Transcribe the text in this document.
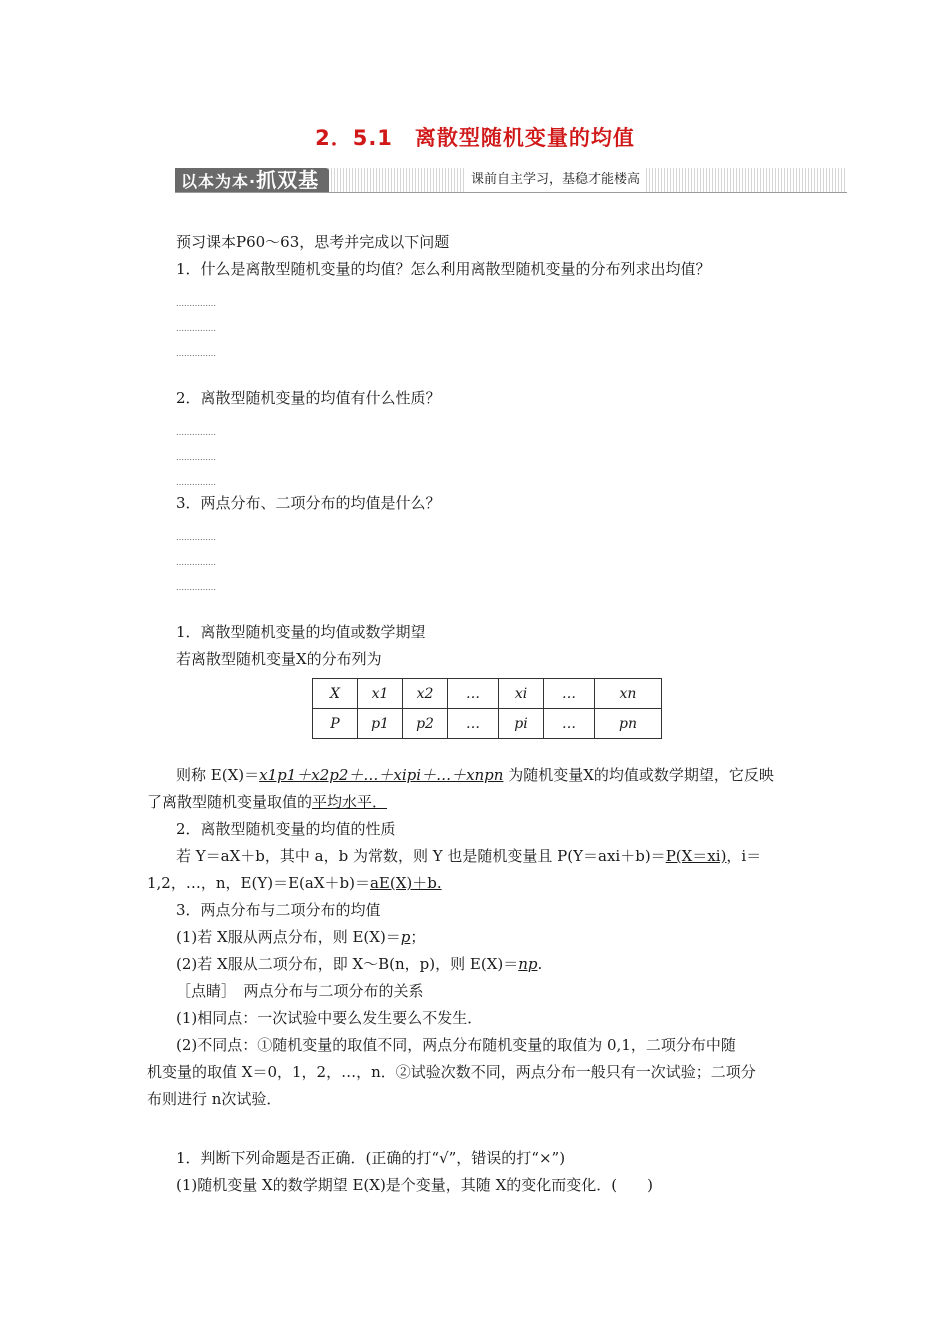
2．5.1　离散型随机变量的均值
以本为本·抓双基	课前自主学习，基稳才能楼高
预习课本P60～63，思考并完成以下问题
1．什么是离散型随机变量的均值？怎么利用离散型随机变量的分布列求出均值？
……………
……………
……………
2．离散型随机变量的均值有什么性质？
……………
……………
……………
3．两点分布、二项分布的均值是什么？
……………
……………
……………
1．离散型随机变量的均值或数学期望
若离散型随机变量X的分布列为
X	x1	x2	…	xi	…	xn
P	p1	p2	…	pi	…	pn
则称 E(X)＝x1p1＋x2p2＋…＋xipi＋…＋xnpn 为随机变量X的均值或数学期望，它反映
了离散型随机变量取值的平均水平．
2．离散型随机变量的均值的性质
若 Y＝aX＋b，其中 a，b 为常数，则 Y 也是随机变量且 P(Y＝axi＋b)＝P(X＝xi)，i＝
1,2，…，n，E(Y)＝E(aX＋b)＝aE(X)＋b.
3．两点分布与二项分布的均值
(1)若 X服从两点分布，则 E(X)＝p；
(2)若 X服从二项分布，即 X～B(n，p)，则 E(X)＝np.
［点睛］　两点分布与二项分布的关系
(1)相同点：一次试验中要么发生要么不发生．
(2)不同点：①随机变量的取值不同，两点分布随机变量的取值为 0,1，二项分布中随
机变量的取值 X＝0，1，2，…，n．②试验次数不同，两点分布一般只有一次试验；二项分
布则进行 n次试验．
1．判断下列命题是否正确．(正确的打“√”，错误的打“×”)
(1)随机变量 X的数学期望 E(X)是个变量，其随 X的变化而变化．(　　)
